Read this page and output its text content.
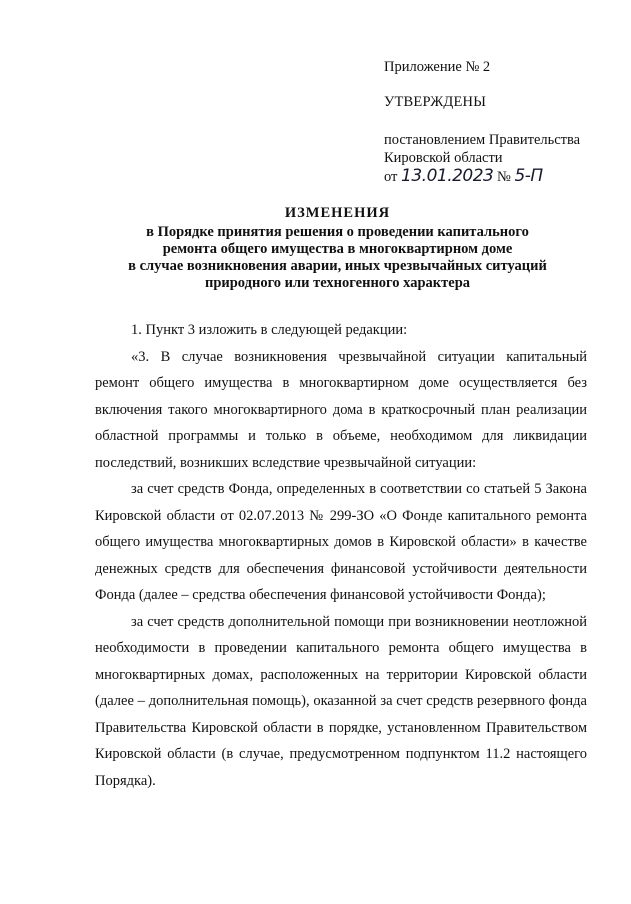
Приложение № 2
УТВЕРЖДЕНЫ
постановлением Правительства
Кировской области
от 13.01.2023 № 5-П
ИЗМЕНЕНИЯ
в Порядке принятия решения о проведении капитального
ремонта общего имущества в многоквартирном доме
в случае возникновения аварии, иных чрезвычайных ситуаций
природного или техногенного характера

1. Пункт 3 изложить в следующей редакции:

«3. В случае возникновения чрезвычайной ситуации капитальный ремонт общего имущества в многоквартирном доме осуществляется без включения такого многоквартирного дома в краткосрочный план реализации областной программы и только в объеме, необходимом для ликвидации последствий, возникших вследствие чрезвычайной ситуации:

за счет средств Фонда, определенных в соответствии со статьей 5 Закона Кировской области от 02.07.2013 № 299-ЗО «О Фонде капитального ремонта общего имущества многоквартирных домов в Кировской области» в качестве денежных средств для обеспечения финансовой устойчивости деятельности Фонда (далее – средства обеспечения финансовой устойчивости Фонда);

за счет средств дополнительной помощи при возникновении неотложной необходимости в проведении капитального ремонта общего имущества в многоквартирных домах, расположенных на территории Кировской области (далее – дополнительная помощь), оказанной за счет средств резервного фонда Правительства Кировской области в порядке, установленном Правительством Кировской области (в случае, предусмотренном подпунктом 11.2 настоящего Порядка).
